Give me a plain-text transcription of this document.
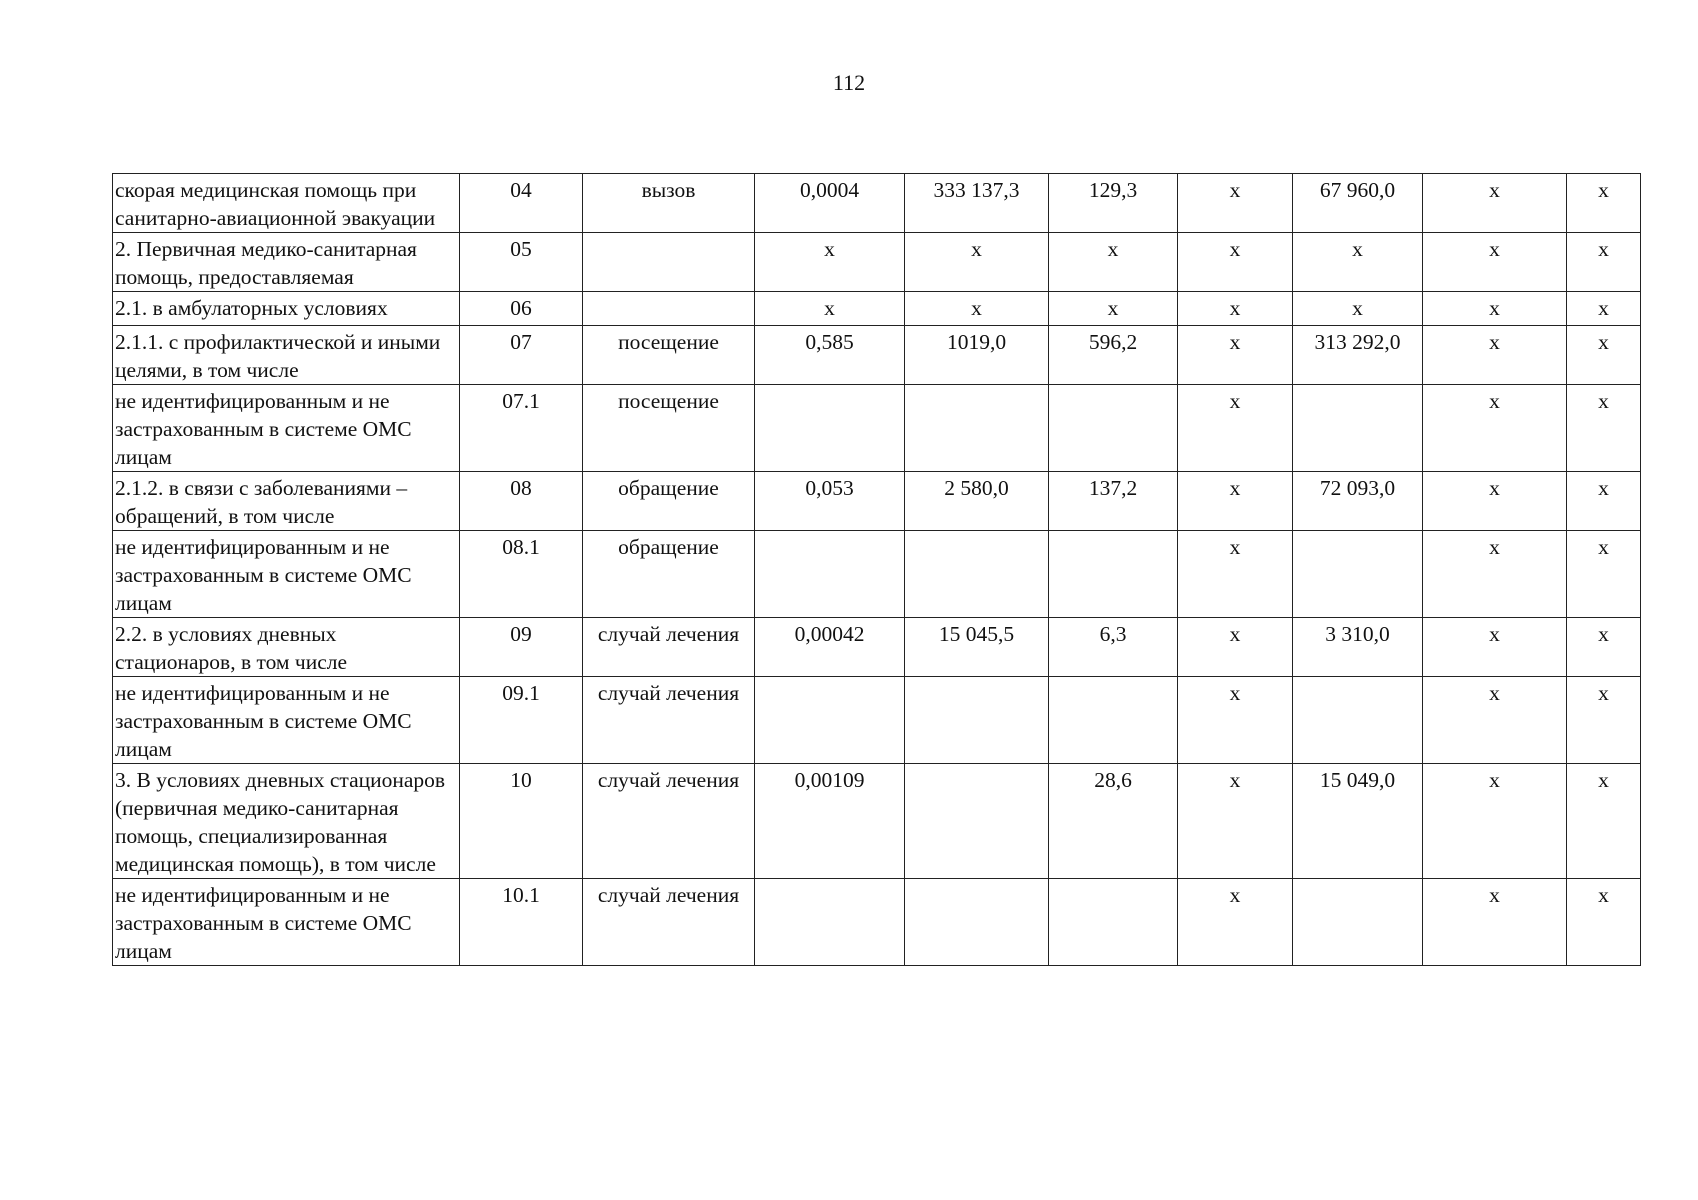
112
скорая медицинская помощь при санитарно-авиационной эвакуации	04	вызов	0,0004	333 137,3	129,3	х	67 960,0	х	х
2. Первичная медико-санитарная помощь, предоставляемая	05		х	х	х	х	х	х	х
2.1. в амбулаторных условиях	06		х	х	х	х	х	х	х
2.1.1. с профилактической и иными целями, в том числе	07	посещение	0,585	1019,0	596,2	х	313 292,0	х	х
не идентифицированным и не застрахованным в системе ОМС лицам	07.1	посещение				х		х	х
2.1.2. в связи с заболеваниями – обращений, в том числе	08	обращение	0,053	2 580,0	137,2	х	72 093,0	х	х
не идентифицированным и не застрахованным в системе ОМС лицам	08.1	обращение				х		х	х
2.2. в условиях дневных стационаров, в том числе	09	случай лечения	0,00042	15 045,5	6,3	х	3 310,0	х	х
не идентифицированным и не застрахованным в системе ОМС лицам	09.1	случай лечения				х		х	х
3. В условиях дневных стационаров (первичная медико-санитарная помощь, специализированная медицинская помощь), в том числе	10	случай лечения	0,00109		28,6	х	15 049,0	х	х
не идентифицированным и не застрахованным в системе ОМС лицам	10.1	случай лечения				х		х	х
